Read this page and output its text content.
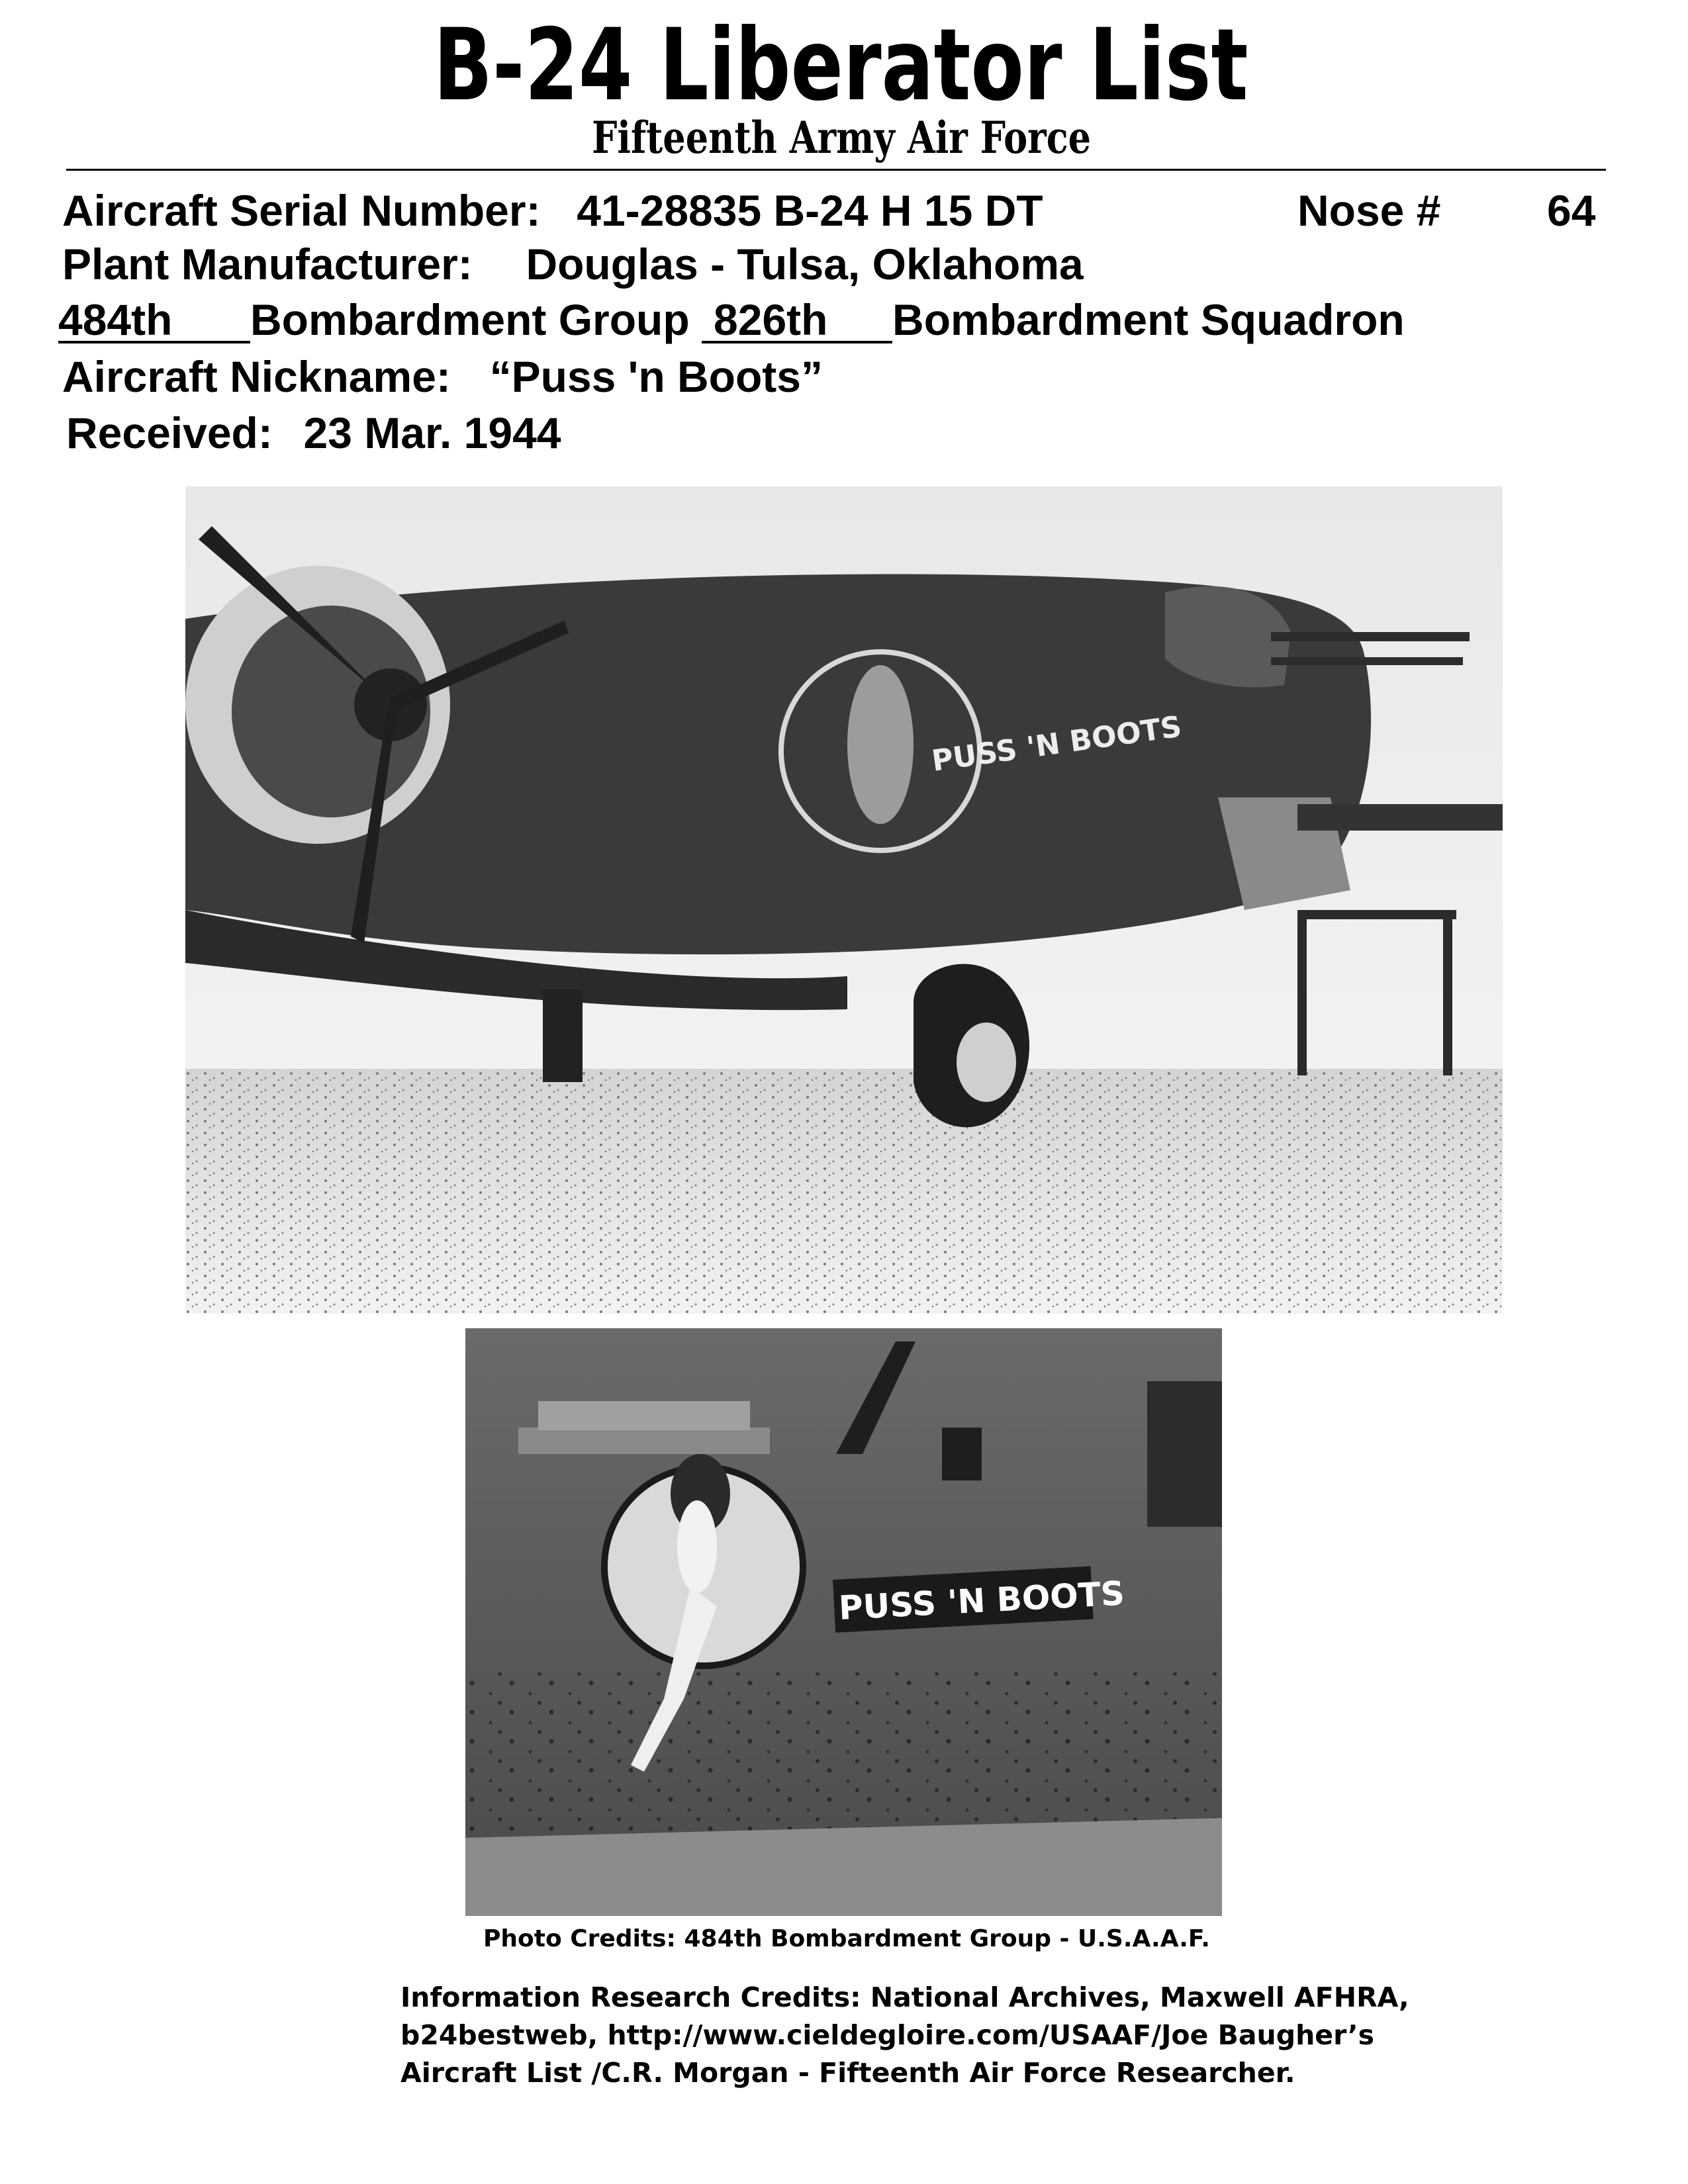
B-24 Liberator List
Fifteenth Army Air Force
Aircraft Serial Number: 41-28835 B-24 H 15 DT	Nose # 64
Plant Manufacturer: Douglas - Tulsa, Oklahoma
484th Bombardment Group 826th Bombardment Squadron
Aircraft Nickname: “Puss 'n Boots”
Received: 23 Mar. 1944
PUSS 'N BOOTS
PUSS 'N BOOTS
Photo Credits: 484th Bombardment Group - U.S.A.A.F.
Information Research Credits: National Archives, Maxwell AFHRA,
b24bestweb, http://www.cieldegloire.com/USAAF/Joe Baugher’s
Aircraft List /C.R. Morgan - Fifteenth Air Force Researcher.
